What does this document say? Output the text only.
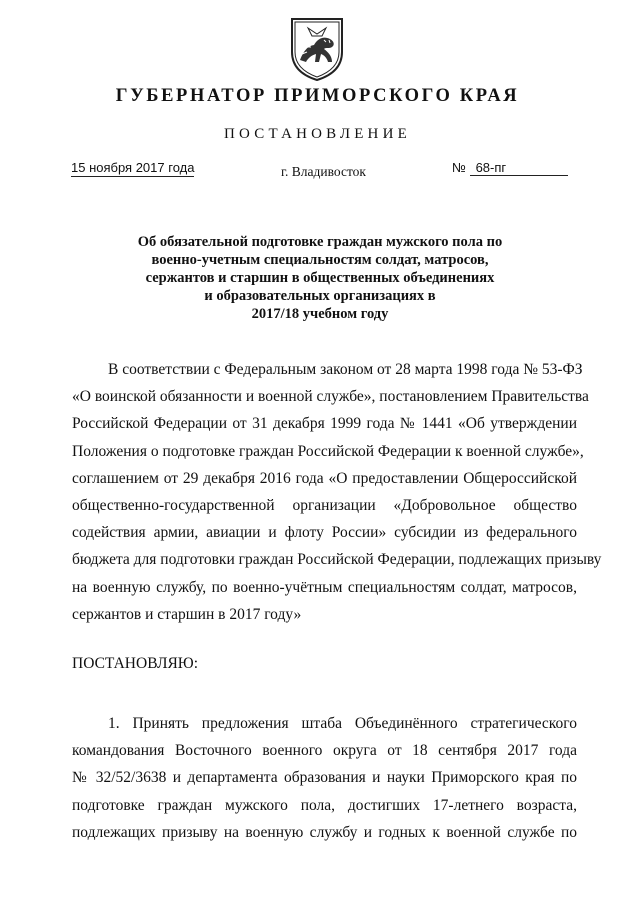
ГУБЕРНАТОР ПРИМОРСКОГО КРАЯ
ПОСТАНОВЛЕНИЕ
15 ноября 2017 года	г. Владивосток	№ 68-пг
Об обязательной подготовке граждан мужского пола по
военно-учетным специальностям солдат, матросов,
сержантов и старшин в общественных объединениях
и образовательных организациях в
2017/18 учебном году
В соответствии с Федеральным законом от 28 марта 1998 года № 53-ФЗ
«О воинской обязанности и военной службе», постановлением Правительства
Российской Федерации от 31 декабря 1999 года № 1441 «Об утверждении
Положения о подготовке граждан Российской Федерации к военной службе»,
соглашением от 29 декабря 2016 года «О предоставлении Общероссийской
общественно-государственной организации «Добровольное общество
содействия армии, авиации и флоту России» субсидии из федерального
бюджета для подготовки граждан Российской Федерации, подлежащих призыву
на военную службу, по военно-учётным специальностям солдат, матросов,
сержантов и старшин в 2017 году»
ПОСТАНОВЛЯЮ:
1. Принять предложения штаба Объединённого стратегического
командования Восточного военного округа от 18 сентября 2017 года
№ 32/52/3638 и департамента образования и науки Приморского края по
подготовке граждан мужского пола, достигших 17-летнего возраста,
подлежащих призыву на военную службу и годных к военной службе по
